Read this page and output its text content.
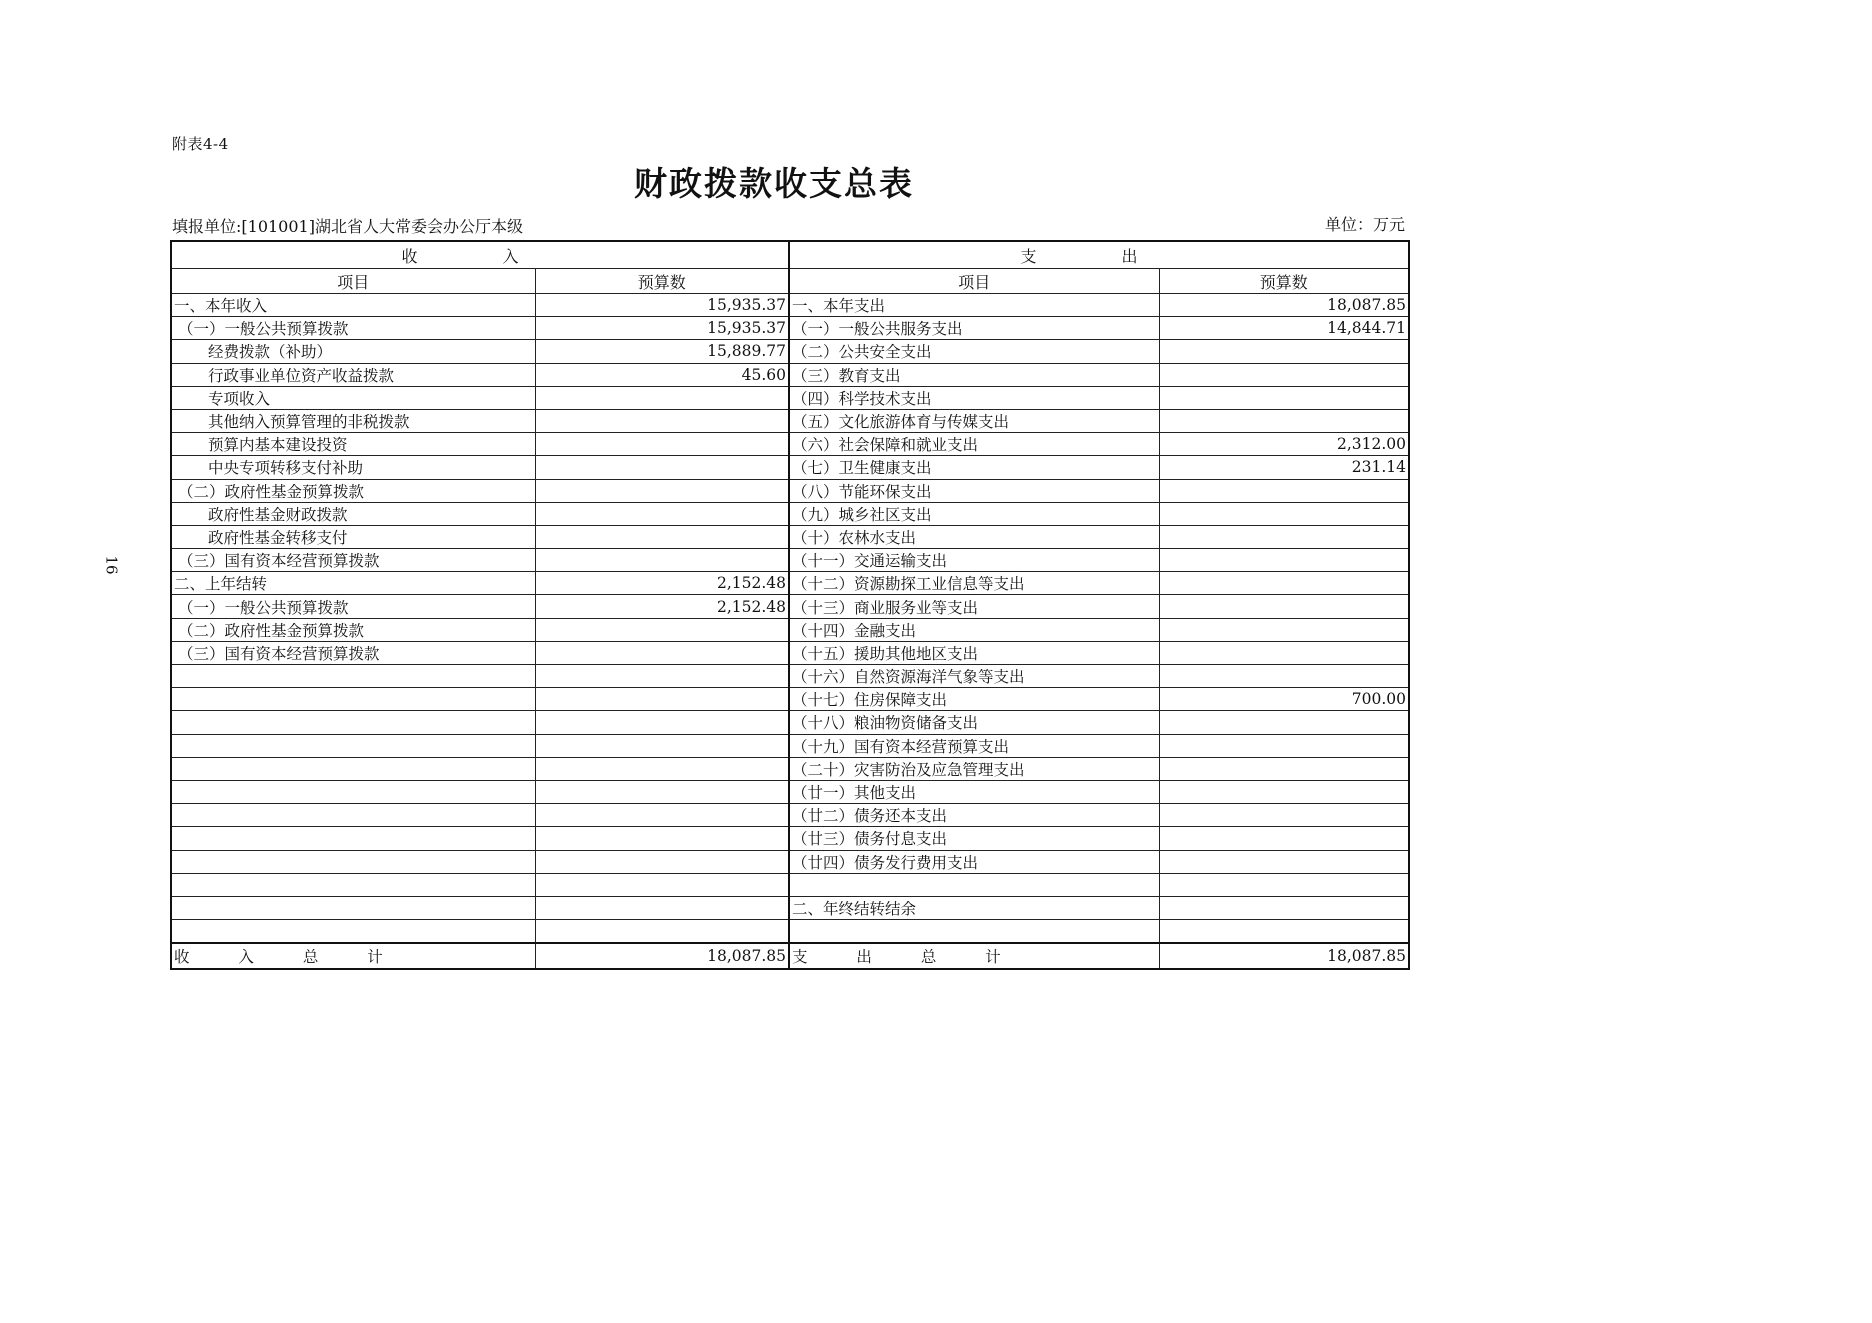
附表4-4
财政拨款收支总表
填报单位:[101001]湖北省人大常委会办公厅本级	单位：万元
16
收 入		支 出	
项目	预算数	项目	预算数
一、本年收入	15,935.37	一、本年支出	18,087.85
（一）一般公共预算拨款	15,935.37	（一）一般公共服务支出	14,844.71
经费拨款（补助）	15,889.77	（二）公共安全支出	
行政事业单位资产收益拨款	45.60	（三）教育支出	
专项收入		（四）科学技术支出	
其他纳入预算管理的非税拨款		（五）文化旅游体育与传媒支出	
预算内基本建设投资		（六）社会保障和就业支出	2,312.00
中央专项转移支付补助		（七）卫生健康支出	231.14
（二）政府性基金预算拨款		（八）节能环保支出	
政府性基金财政拨款		（九）城乡社区支出	
政府性基金转移支付		（十）农林水支出	
（三）国有资本经营预算拨款		（十一）交通运输支出	
二、上年结转	2,152.48	（十二）资源勘探工业信息等支出	
（一）一般公共预算拨款	2,152.48	（十三）商业服务业等支出	
（二）政府性基金预算拨款		（十四）金融支出	
（三）国有资本经营预算拨款		（十五）援助其他地区支出	
		（十六）自然资源海洋气象等支出	
		（十七）住房保障支出	700.00
		（十八）粮油物资储备支出	
		（十九）国有资本经营预算支出	
		（二十）灾害防治及应急管理支出	
		（廿一）其他支出	
		（廿二）债务还本支出	
		（廿三）债务付息支出	
		（廿四）债务发行费用支出	

		二、年终结转结余	

收 入 总 计	18,087.85	支 出 总 计	18,087.85
